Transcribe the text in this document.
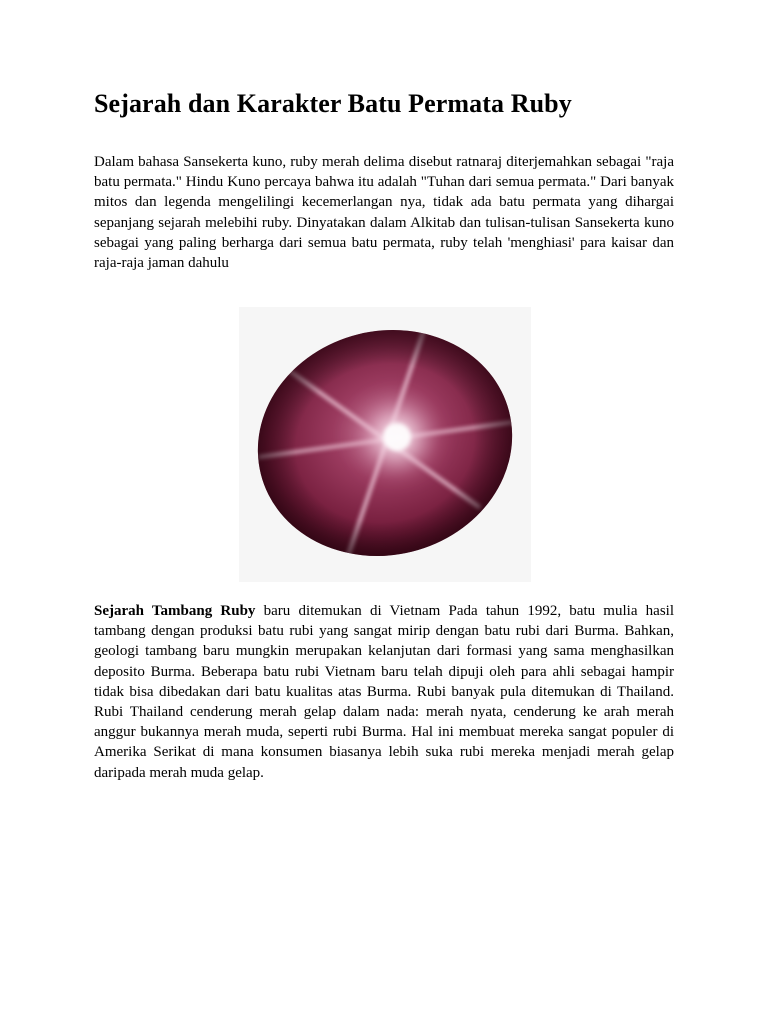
Sejarah dan Karakter Batu Permata Ruby

Dalam bahasa Sansekerta kuno, ruby merah delima disebut ratnaraj diterjemahkan sebagai "raja batu permata." Hindu Kuno percaya bahwa itu adalah "Tuhan dari semua permata." Dari banyak mitos dan legenda mengelilingi kecemerlangan nya, tidak ada batu permata yang dihargai sepanjang sejarah melebihi ruby. Dinyatakan dalam Alkitab dan tulisan-tulisan Sansekerta kuno sebagai yang paling berharga dari semua batu permata, ruby telah 'menghiasi' para kaisar dan raja-raja jaman dahulu

Sejarah Tambang Ruby baru ditemukan di Vietnam Pada tahun 1992, batu mulia hasil tambang dengan produksi batu rubi yang sangat mirip dengan batu rubi dari Burma. Bahkan, geologi tambang baru mungkin merupakan kelanjutan dari formasi yang sama menghasilkan deposito Burma. Beberapa batu rubi Vietnam baru telah dipuji oleh para ahli sebagai hampir tidak bisa dibedakan dari batu kualitas atas Burma. Rubi banyak pula ditemukan di Thailand. Rubi Thailand cenderung merah gelap dalam nada: merah nyata, cenderung ke arah merah anggur bukannya merah muda, seperti rubi Burma. Hal ini membuat mereka sangat populer di Amerika Serikat di mana konsumen biasanya lebih suka rubi mereka menjadi merah gelap daripada merah muda gelap.
